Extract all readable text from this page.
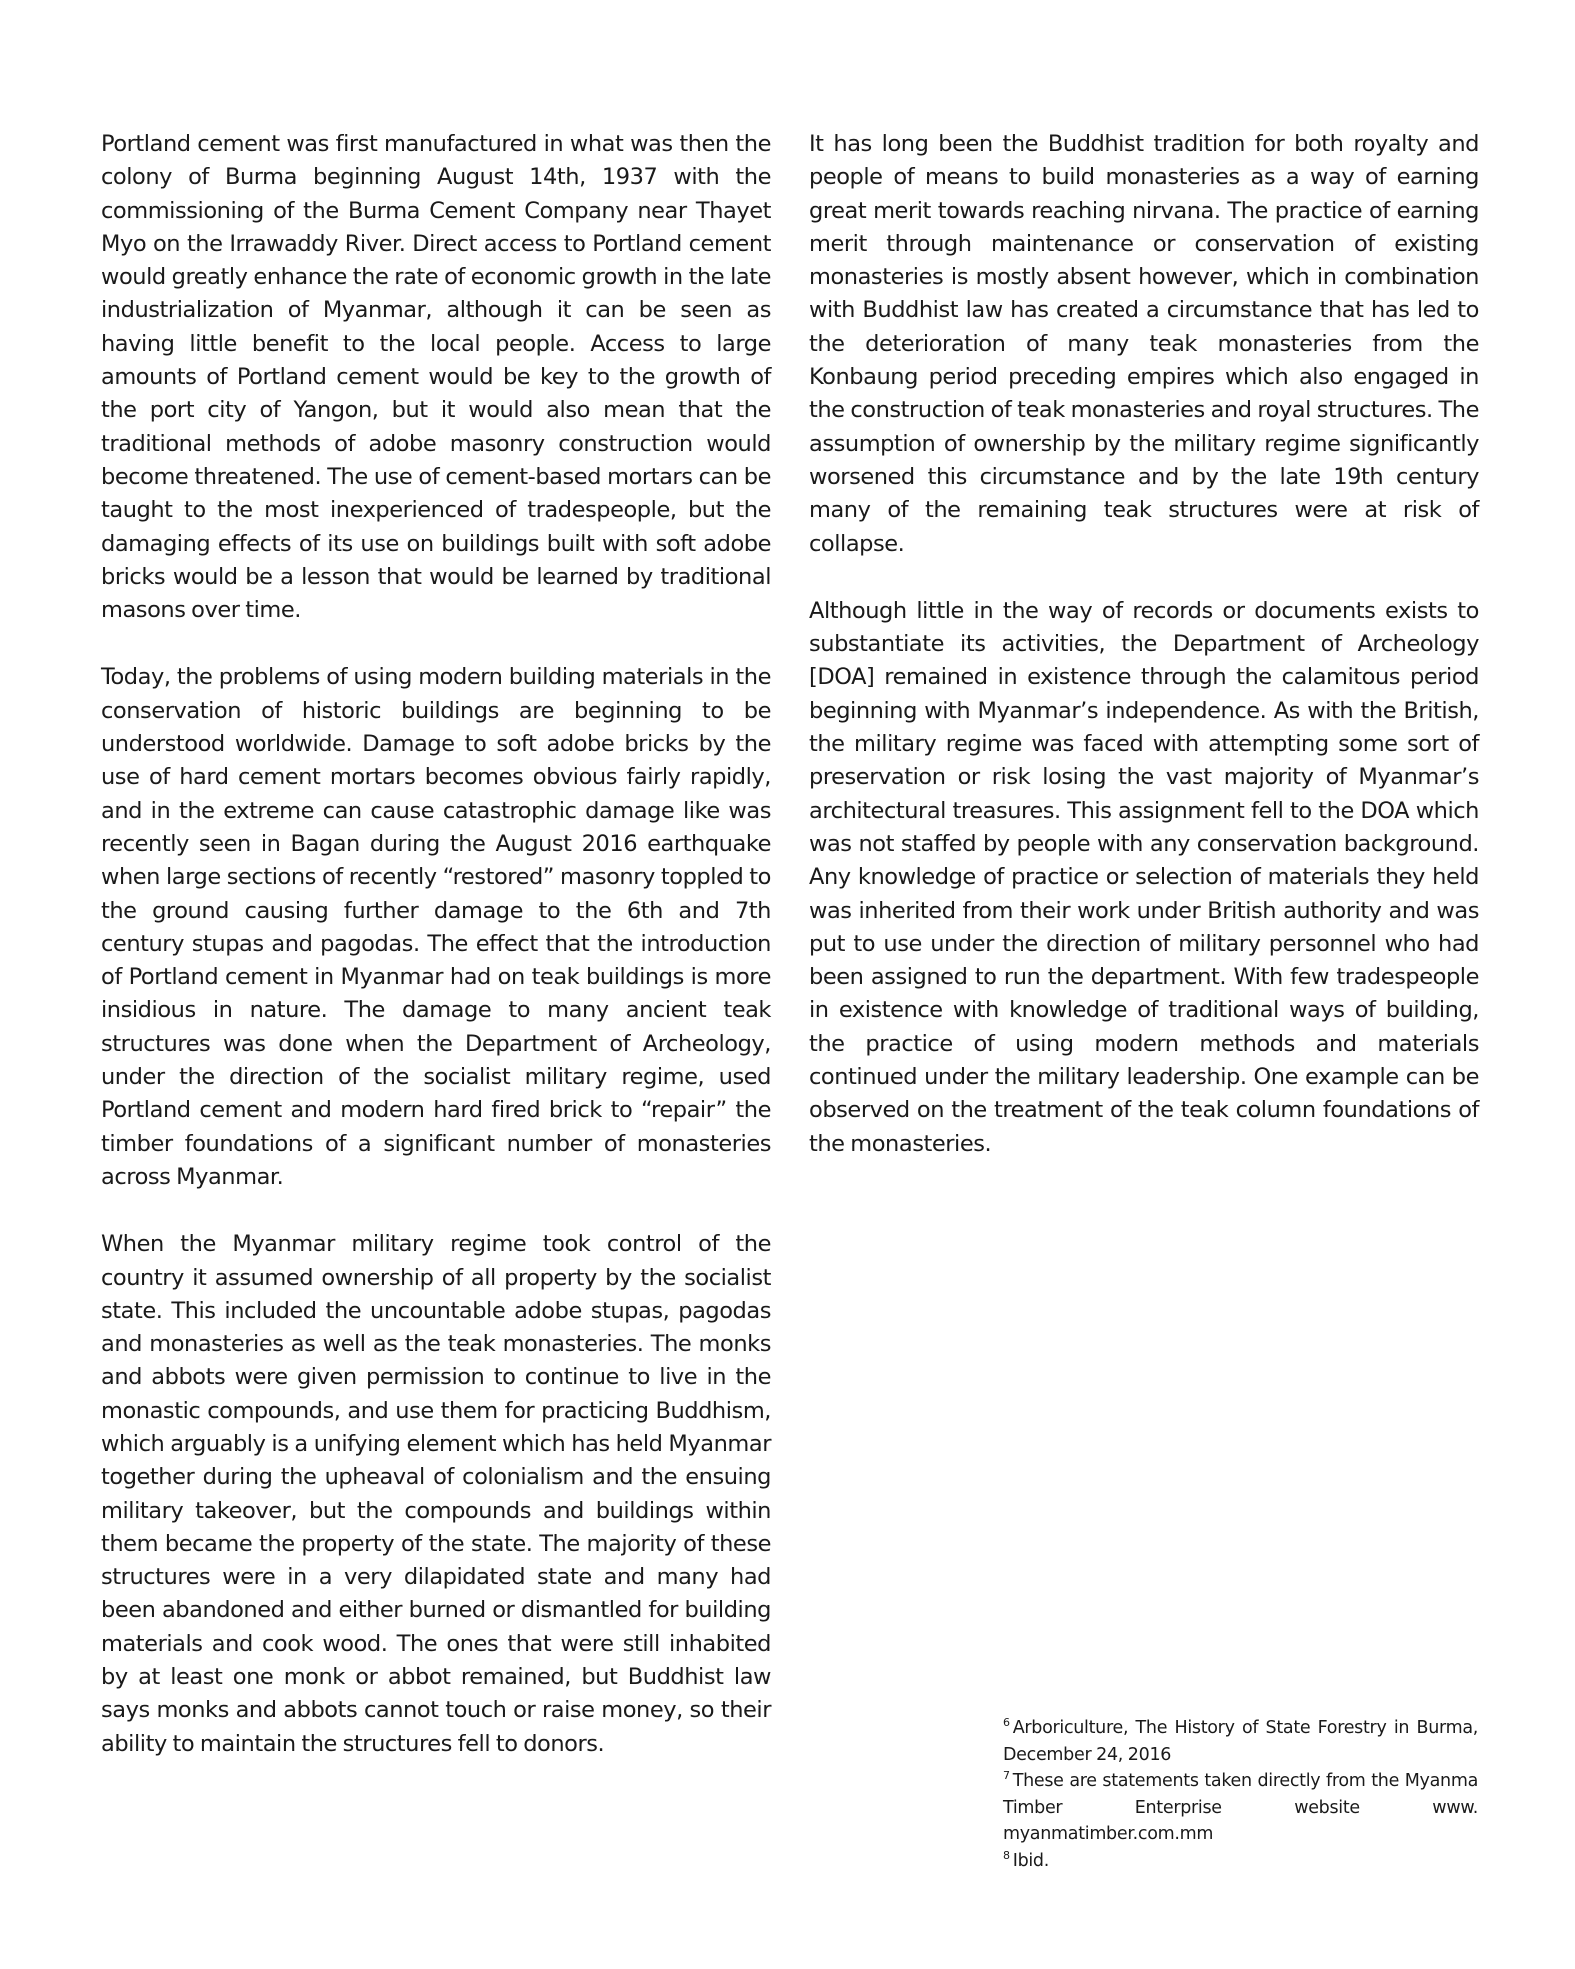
Portland cement was first manufactured in what was then the colony of Burma beginning August 14th, 1937 with the commissioning of the Burma Cement Company near Thayet Myo on the Irrawaddy River. Direct access to Portland cement would greatly enhance the rate of economic growth in the late industrialization of Myanmar, although it can be seen as having little benefit to the local people. Access to large amounts of Portland cement would be key to the growth of the port city of Yangon, but it would also mean that the traditional methods of adobe masonry construction would become threatened. The use of cement-based mortars can be taught to the most inexperienced of tradespeople, but the damaging effects of its use on buildings built with soft adobe bricks would be a lesson that would be learned by traditional masons over time.

Today, the problems of using modern building materials in the conservation of historic buildings are beginning to be understood worldwide. Damage to soft adobe bricks by the use of hard cement mortars becomes obvious fairly rapidly, and in the extreme can cause catastrophic damage like was recently seen in Bagan during the August 2016 earthquake when large sections of recently “restored” masonry toppled to the ground causing further damage to the 6th and 7th century stupas and pagodas. The effect that the introduction of Portland cement in Myanmar had on teak buildings is more insidious in nature. The damage to many ancient teak structures was done when the Department of Archeology, under the direction of the socialist military regime, used Portland cement and modern hard fired brick to “repair” the timber foundations of a significant number of monasteries across Myanmar.

When the Myanmar military regime took control of the country it assumed ownership of all property by the socialist state. This included the uncountable adobe stupas, pagodas and monasteries as well as the teak monasteries. The monks and abbots were given permission to continue to live in the monastic compounds, and use them for practicing Buddhism, which arguably is a unifying element which has held Myanmar together during the upheaval of colonialism and the ensuing military takeover, but the compounds and buildings within them became the property of the state. The majority of these structures were in a very dilapidated state and many had been abandoned and either burned or dismantled for building materials and cook wood. The ones that were still inhabited by at least one monk or abbot remained, but Buddhist law says monks and abbots cannot touch or raise money, so their ability to maintain the structures fell to donors.

It has long been the Buddhist tradition for both royalty and people of means to build monasteries as a way of earning great merit towards reaching nirvana. The practice of earning merit through maintenance or conservation of existing monasteries is mostly absent however, which in combination with Buddhist law has created a circumstance that has led to the deterioration of many teak monasteries from the Konbaung period preceding empires which also engaged in the construction of teak monasteries and royal structures. The assumption of ownership by the military regime significantly worsened this circumstance and by the late 19th century many of the remaining teak structures were at risk of collapse.

Although little in the way of records or documents exists to substantiate its activities, the Department of Archeology [DOA] remained in existence through the calamitous period beginning with Myanmar’s independence. As with the British, the military regime was faced with attempting some sort of preservation or risk losing the vast majority of Myanmar’s architectural treasures. This assignment fell to the DOA which was not staffed by people with any conservation background. Any knowledge of practice or selection of materials they held was inherited from their work under British authority and was put to use under the direction of military personnel who had been assigned to run the department. With few tradespeople in existence with knowledge of traditional ways of building, the practice of using modern methods and materials continued under the military leadership. One example can be observed on the treatment of the teak column foundations of the monasteries.

$^6$ Arboriculture, The History of State Forestry in Burma, December 24, 2016

$^7$ These are statements taken directly from the Myanma Timber Enterprise website www. myanmatimber.com.mm

$^8$ Ibid.
